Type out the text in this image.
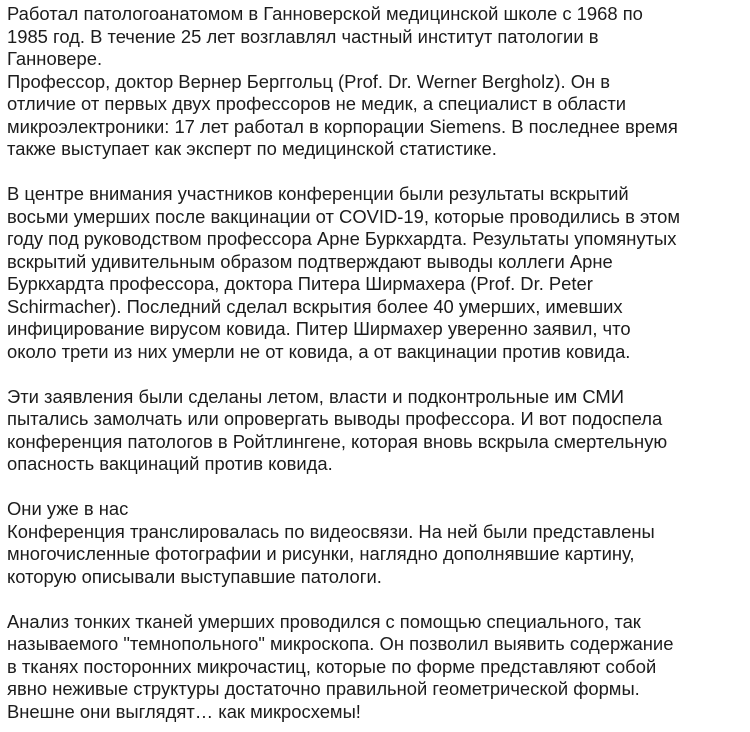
Работал патологоанатомом в Ганноверской медицинской школе с 1968 по
1985 год. В течение 25 лет возглавлял частный институт патологии в
Ганновере.
Профессор, доктор Вернер Берггольц (Prof. Dr. Werner Bergholz). Он в
отличие от первых двух профессоров не медик, а специалист в области
микроэлектроники: 17 лет работал в корпорации Siemens. В последнее время
также выступает как эксперт по медицинской статистике.

В центре внимания участников конференции были результаты вскрытий
восьми умерших после вакцинации от COVID-19, которые проводились в этом
году под руководством профессора Арне Буркхардта. Результаты упомянутых
вскрытий удивительным образом подтверждают выводы коллеги Арне
Буркхардта профессора, доктора Питера Ширмахера (Prof. Dr. Peter
Schirmacher). Последний сделал вскрытия более 40 умерших, имевших
инфицирование вирусом ковида. Питер Ширмахер уверенно заявил, что
около трети из них умерли не от ковида, а от вакцинации против ковида.

Эти заявления были сделаны летом, власти и подконтрольные им СМИ
пытались замолчать или опровергать выводы профессора. И вот подоспела
конференция патологов в Ройтлингене, которая вновь вскрыла смертельную
опасность вакцинаций против ковида.

Они уже в нас
Конференция транслировалась по видеосвязи. На ней были представлены
многочисленные фотографии и рисунки, наглядно дополнявшие картину,
которую описывали выступавшие патологи.

Анализ тонких тканей умерших проводился с помощью специального, так
называемого "темнопольного" микроскопа. Он позволил выявить содержание
в тканях посторонних микрочастиц, которые по форме представляют собой
явно неживые структуры достаточно правильной геометрической формы.
Внешне они выглядят… как микросхемы!
